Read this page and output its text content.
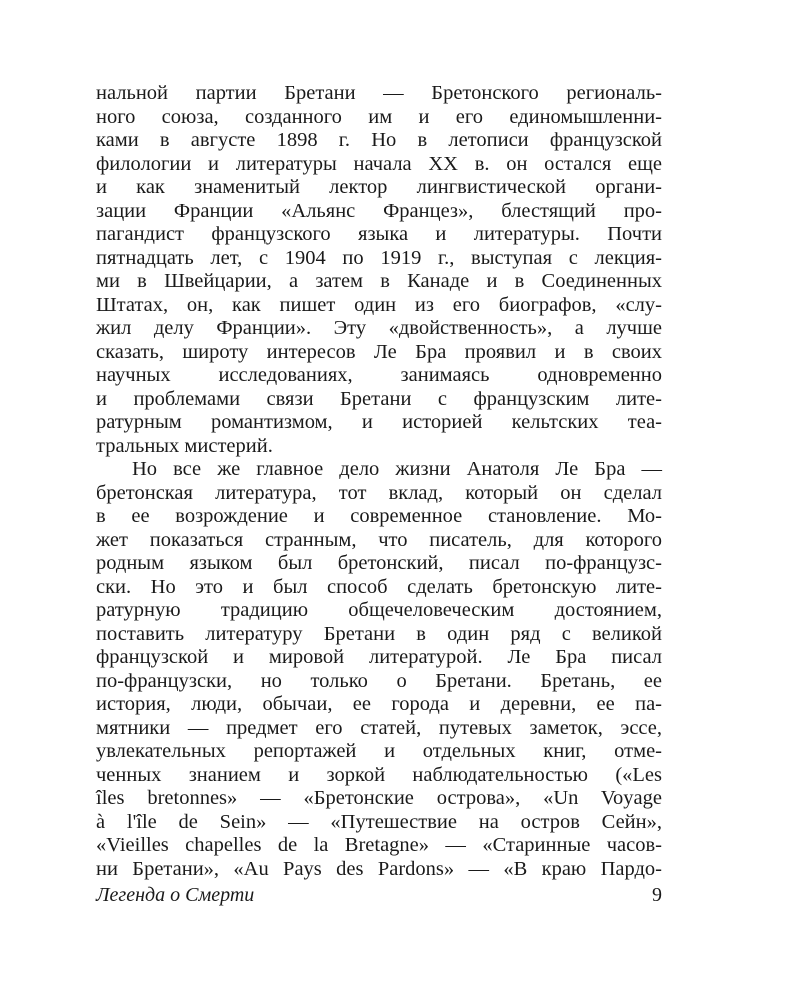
нальной партии Бретани — Бретонского региональ-
ного союза, созданного им и его единомышленни-
ками в августе 1898 г. Но в летописи французской
филологии и литературы начала XX в. он остался еще
и как знаменитый лектор лингвистической органи-
зации Франции «Альянс Францез», блестящий про-
пагандист французского языка и литературы. Почти
пятнадцать лет, с 1904 по 1919 г., выступая с лекция-
ми в Швейцарии, а затем в Канаде и в Соединенных
Штатах, он, как пишет один из его биографов, «слу-
жил делу Франции». Эту «двойственность», а лучше
сказать, широту интересов Ле Бра проявил и в своих
научных исследованиях, занимаясь одновременно
и проблемами связи Бретани с французским лите-
ратурным романтизмом, и историей кельтских теа-
тральных мистерий.
Но все же главное дело жизни Анатоля Ле Бра —
бретонская литература, тот вклад, который он сделал
в ее возрождение и современное становление. Мо-
жет показаться странным, что писатель, для которого
родным языком был бретонский, писал по-французс-
ски. Но это и был способ сделать бретонскую лите-
ратурную традицию общечеловеческим достоянием,
поставить литературу Бретани в один ряд с великой
французской и мировой литературой. Ле Бра писал
по-французски, но только о Бретани. Бретань, ее
история, люди, обычаи, ее города и деревни, ее па-
мятники — предмет его статей, путевых заметок, эссе,
увлекательных репортажей и отдельных книг, отме-
ченных знанием и зоркой наблюдательностью («Les
îles bretonnes» — «Бретонские острова», «Un Voyage
à l'île de Sein» — «Путешествие на остров Сейн»,
«Vieilles chapelles de la Bretagne» — «Старинные часов-
ни Бретани», «Au Pays des Pardons» — «В краю Пардо-
Легенда о Смерти	9
